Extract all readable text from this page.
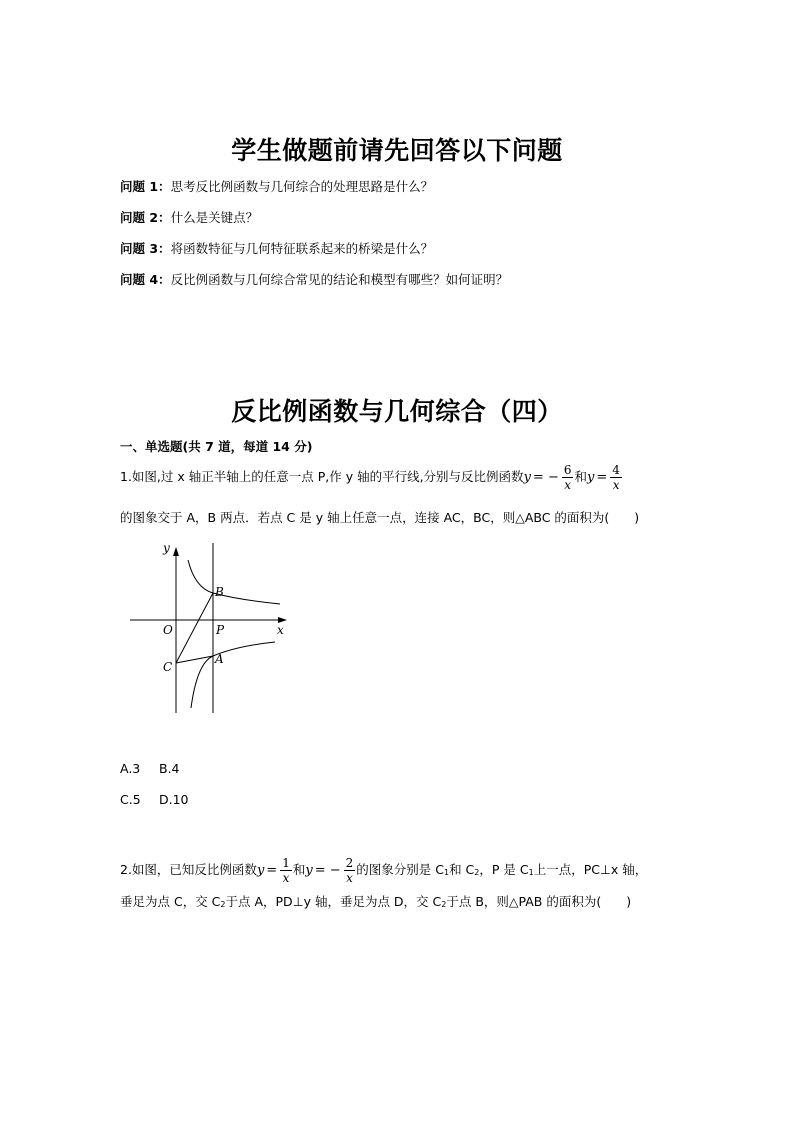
学生做题前请先回答以下问题
问题 1：思考反比例函数与几何综合的处理思路是什么？
问题 2：什么是关键点？
问题 3：将函数特征与几何特征联系起来的桥梁是什么？
问题 4：反比例函数与几何综合常见的结论和模型有哪些？如何证明？
反比例函数与几何综合（四）
一、单选题(共 7 道，每道 14 分)
1.如图,过 x 轴正半轴上的任意一点 P,作 y 轴的平行线,分别与反比例函数y = − $\frac{6}{x}$ 和$y = \frac{4}{x}$
的图象交于 A，B 两点．若点 C 是 y 轴上任意一点，连接 AC，BC，则△ABC 的面积为(　　)
y
x
O
B
P
A
C
A.3 B.4
C.5 D.10
2.如图，已知反比例函数$y = \frac{1}{x}$ 和y = − $\frac{2}{x}$ 的图象分别是 $C_1$和 $C_2$，P 是 $C_1$上一点，PC⊥x 轴，
垂足为点 C，交 $C_2$于点 A，PD⊥y 轴，垂足为点 D，交 $C_2$于点 B，则△PAB 的面积为(　　)
